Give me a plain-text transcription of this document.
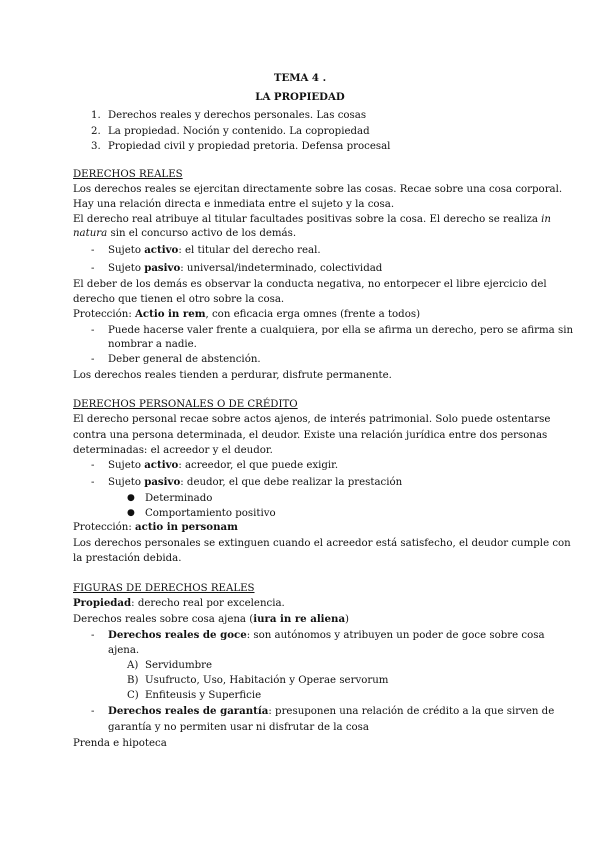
TEMA 4 .
LA PROPIEDAD
1. Derechos reales y derechos personales. Las cosas
2. La propiedad. Noción y contenido. La copropiedad
3. Propiedad civil y propiedad pretoria. Defensa procesal
DERECHOS REALES
Los derechos reales se ejercitan directamente sobre las cosas. Recae sobre una cosa corporal.
Hay una relación directa e inmediata entre el sujeto y la cosa.
El derecho real atribuye al titular facultades positivas sobre la cosa. El derecho se realiza in
natura sin el concurso activo de los demás.
- Sujeto activo: el titular del derecho real.
- Sujeto pasivo: universal/indeterminado, colectividad
El deber de los demás es observar la conducta negativa, no entorpecer el libre ejercicio del
derecho que tienen el otro sobre la cosa.
Protección: Actio in rem, con eficacia erga omnes (frente a todos)
- Puede hacerse valer frente a cualquiera, por ella se afirma un derecho, pero se afirma sin
nombrar a nadie.
- Deber general de abstención.
Los derechos reales tienden a perdurar, disfrute permanente.
DERECHOS PERSONALES O DE CRÉDITO
El derecho personal recae sobre actos ajenos, de interés patrimonial. Solo puede ostentarse
contra una persona determinada, el deudor. Existe una relación jurídica entre dos personas
determinadas: el acreedor y el deudor.
- Sujeto activo: acreedor, el que puede exigir.
- Sujeto pasivo: deudor, el que debe realizar la prestación
● Determinado
● Comportamiento positivo
Protección: actio in personam
Los derechos personales se extinguen cuando el acreedor está satisfecho, el deudor cumple con
la prestación debida.
FIGURAS DE DERECHOS REALES
Propiedad: derecho real por excelencia.
Derechos reales sobre cosa ajena (iura in re aliena)
- Derechos reales de goce: son autónomos y atribuyen un poder de goce sobre cosa
ajena.
A) Servidumbre
B) Usufructo, Uso, Habitación y Operae servorum
C) Enfiteusis y Superficie
- Derechos reales de garantía: presuponen una relación de crédito a la que sirven de
garantía y no permiten usar ni disfrutar de la cosa
Prenda e hipoteca
